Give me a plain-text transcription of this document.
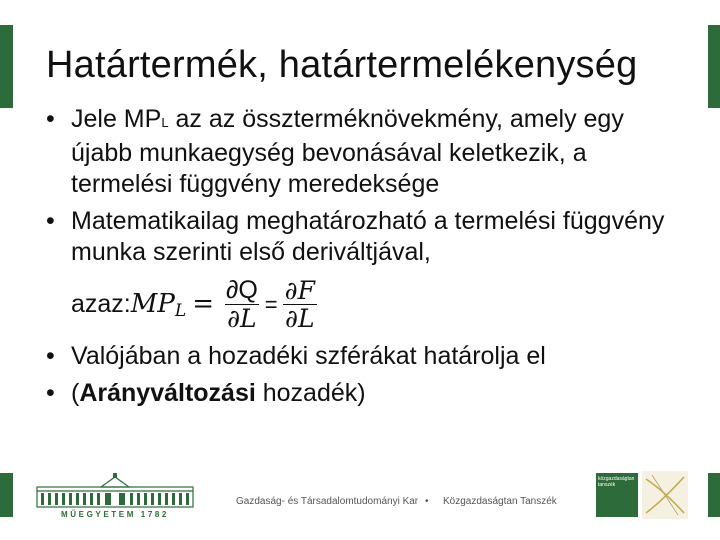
Határtermék, határtermelékenység
• Jele MPL az az összterméknövekmény, amely egy újabb munkaegység bevonásával keletkezik, a termelési függvény meredeksége
• Matematikailag meghatározható a termelési függvény munka szerinti első deriváltjával,
azaz: MP $L = \frac{\partial Q}{\partial L} = \frac{\partial F}{\partial L}$
• Valójában a hozadéki szférákat határolja el
• (Arányváltozási hozadék)
MŰEGYETEM 1782
Gazdaság- és Társadalomtudományi Kar • Közgazdaságtan Tanszék
közgazdaságtan tanszék
